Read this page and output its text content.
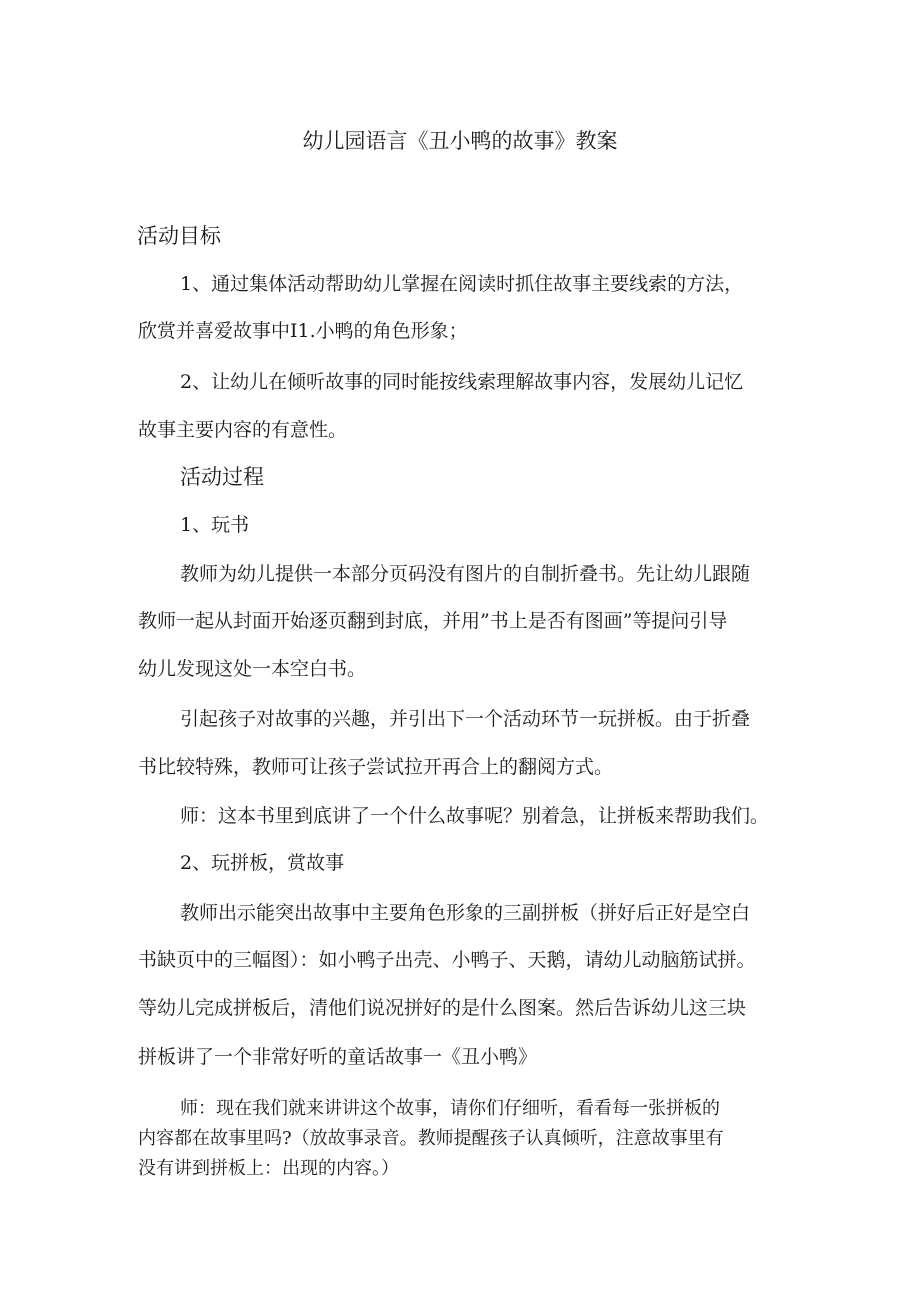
幼儿园语言《丑小鸭的故事》教案
活动目标

1、通过集体活动帮助幼儿掌握在阅读时抓住故事主要线索的方法，

欣赏并喜爱故事中I1.小鸭的角色形象；

2、让幼儿在倾听故事的同时能按线索理解故事内容，发展幼儿记忆

故事主要内容的有意性。

活动过程

1、玩书

教师为幼儿提供一本部分页码没有图片的自制折叠书。先让幼儿跟随

教师一起从封面开始逐页翻到封底，并用”书上是否有图画”等提问引导

幼儿发现这处一本空白书。

引起孩子对故事的兴趣，并引出下一个活动环节一玩拼板。由于折叠

书比较特殊，教师可让孩子尝试拉开再合上的翻阅方式。

师：这本书里到底讲了一个什么故事呢？别着急，让拼板来帮助我们。

2、玩拼板，赏故事

教师出示能突出故事中主要角色形象的三副拼板（拼好后正好是空白

书缺页中的三幅图）：如小鸭子出壳、小鸭子、天鹅，请幼儿动脑筋试拼。

等幼儿完成拼板后，清他们说况拼好的是什么图案。然后告诉幼儿这三块

拼板讲了一个非常好听的童话故事一《丑小鸭》

师：现在我们就来讲讲这个故事，请你们仔细听，看看每一张拼板的

内容都在故事里吗?（放故事录音。教师提醒孩子认真倾听，注意故事里有

没有讲到拼板上：出现的内容。）
